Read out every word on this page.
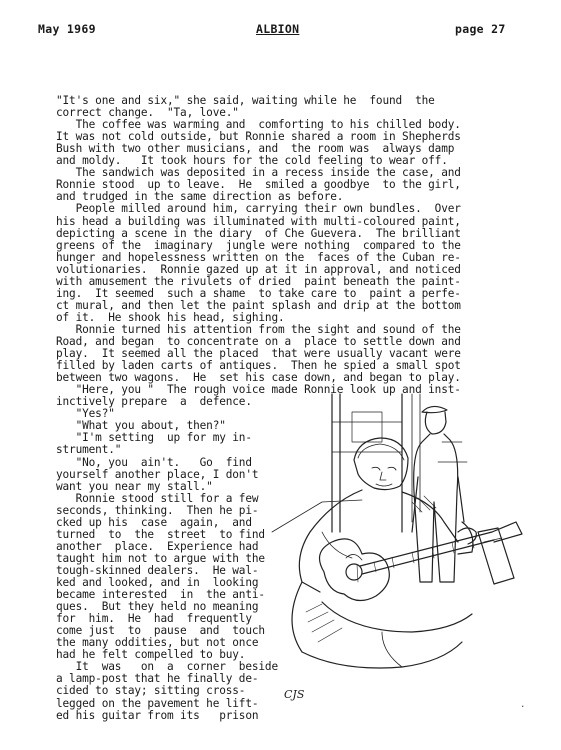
May 1969	ALBION	page 27
"It's one and six," she said, waiting while he  found  the
correct change.  "Ta, love."
The coffee was warming and  comforting to his chilled body.
It was not cold outside, but Ronnie shared a room in Shepherds
Bush with two other musicians, and  the room was  always damp
and moldy.   It took hours for the cold feeling to wear off.
The sandwich was deposited in a recess inside the case, and
Ronnie stood  up to leave.  He  smiled a goodbye  to the girl,
and trudged in the same direction as before.
People milled around him, carrying their own bundles.  Over
his head a building was illuminated with multi-coloured paint,
depicting a scene in the diary  of Che Guevera.  The brilliant
greens of the  imaginary  jungle were nothing  compared to the
hunger and hopelessness written on the  faces of the Cuban re-
volutionaries.  Ronnie gazed up at it in approval, and noticed
with amusement the rivulets of dried  paint beneath the paint-
ing.  It seemed  such a shame  to take care to  paint a perfe-
ct mural, and then let the paint splash and drip at the bottom
of it.  He shook his head, sighing.
Ronnie turned his attention from the sight and sound of the
Road, and began  to concentrate on a  place to settle down and
play.  It seemed all the placed  that were usually vacant were
filled by laden carts of antiques.  Then he spied a small spot
between two wagons.  He  set his case down, and began to play.
"Here, you "  The rough voice made Ronnie look up and inst-
inctively prepare  a  defence.
"Yes?"
"What you about, then?"
"I'm setting  up for my in-
strument."
"No, you  ain't.   Go  find
yourself another place, I don't
want you near my stall."
Ronnie stood still for a few
seconds, thinking.  Then he pi-
cked up his  case  again,  and
turned  to  the  street  to find
another  place.  Experience had
taught him not to argue with the
tough-skinned dealers.  He wal-
ked and looked, and in  looking
became interested  in  the anti-
ques.  But they held no meaning
for  him.  He  had  frequently
come just  to  pause  and  touch
the many oddities, but not once
had he felt compelled to buy.
It  was   on  a  corner  beside
a lamp-post that he finally de-
cided to stay; sitting cross-
legged on the pavement he lift-
ed his guitar from its   prison
CJS
.
